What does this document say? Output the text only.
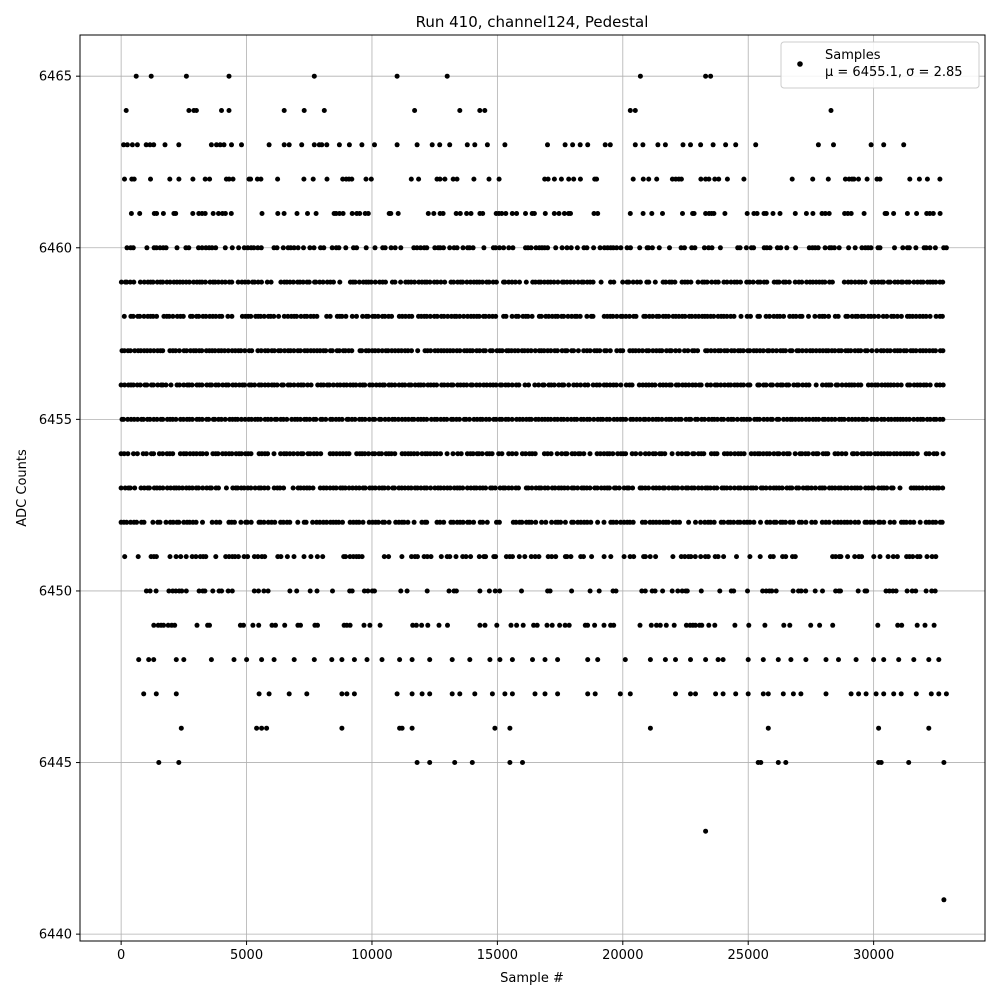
Run 410, channel124, Pedestal
0	5000	10000	15000	20000	25000	30000
6440
6445
6450
6455
6460
6465
Sample #
ADC Counts
Samples
μ = 6455.1, σ = 2.85
